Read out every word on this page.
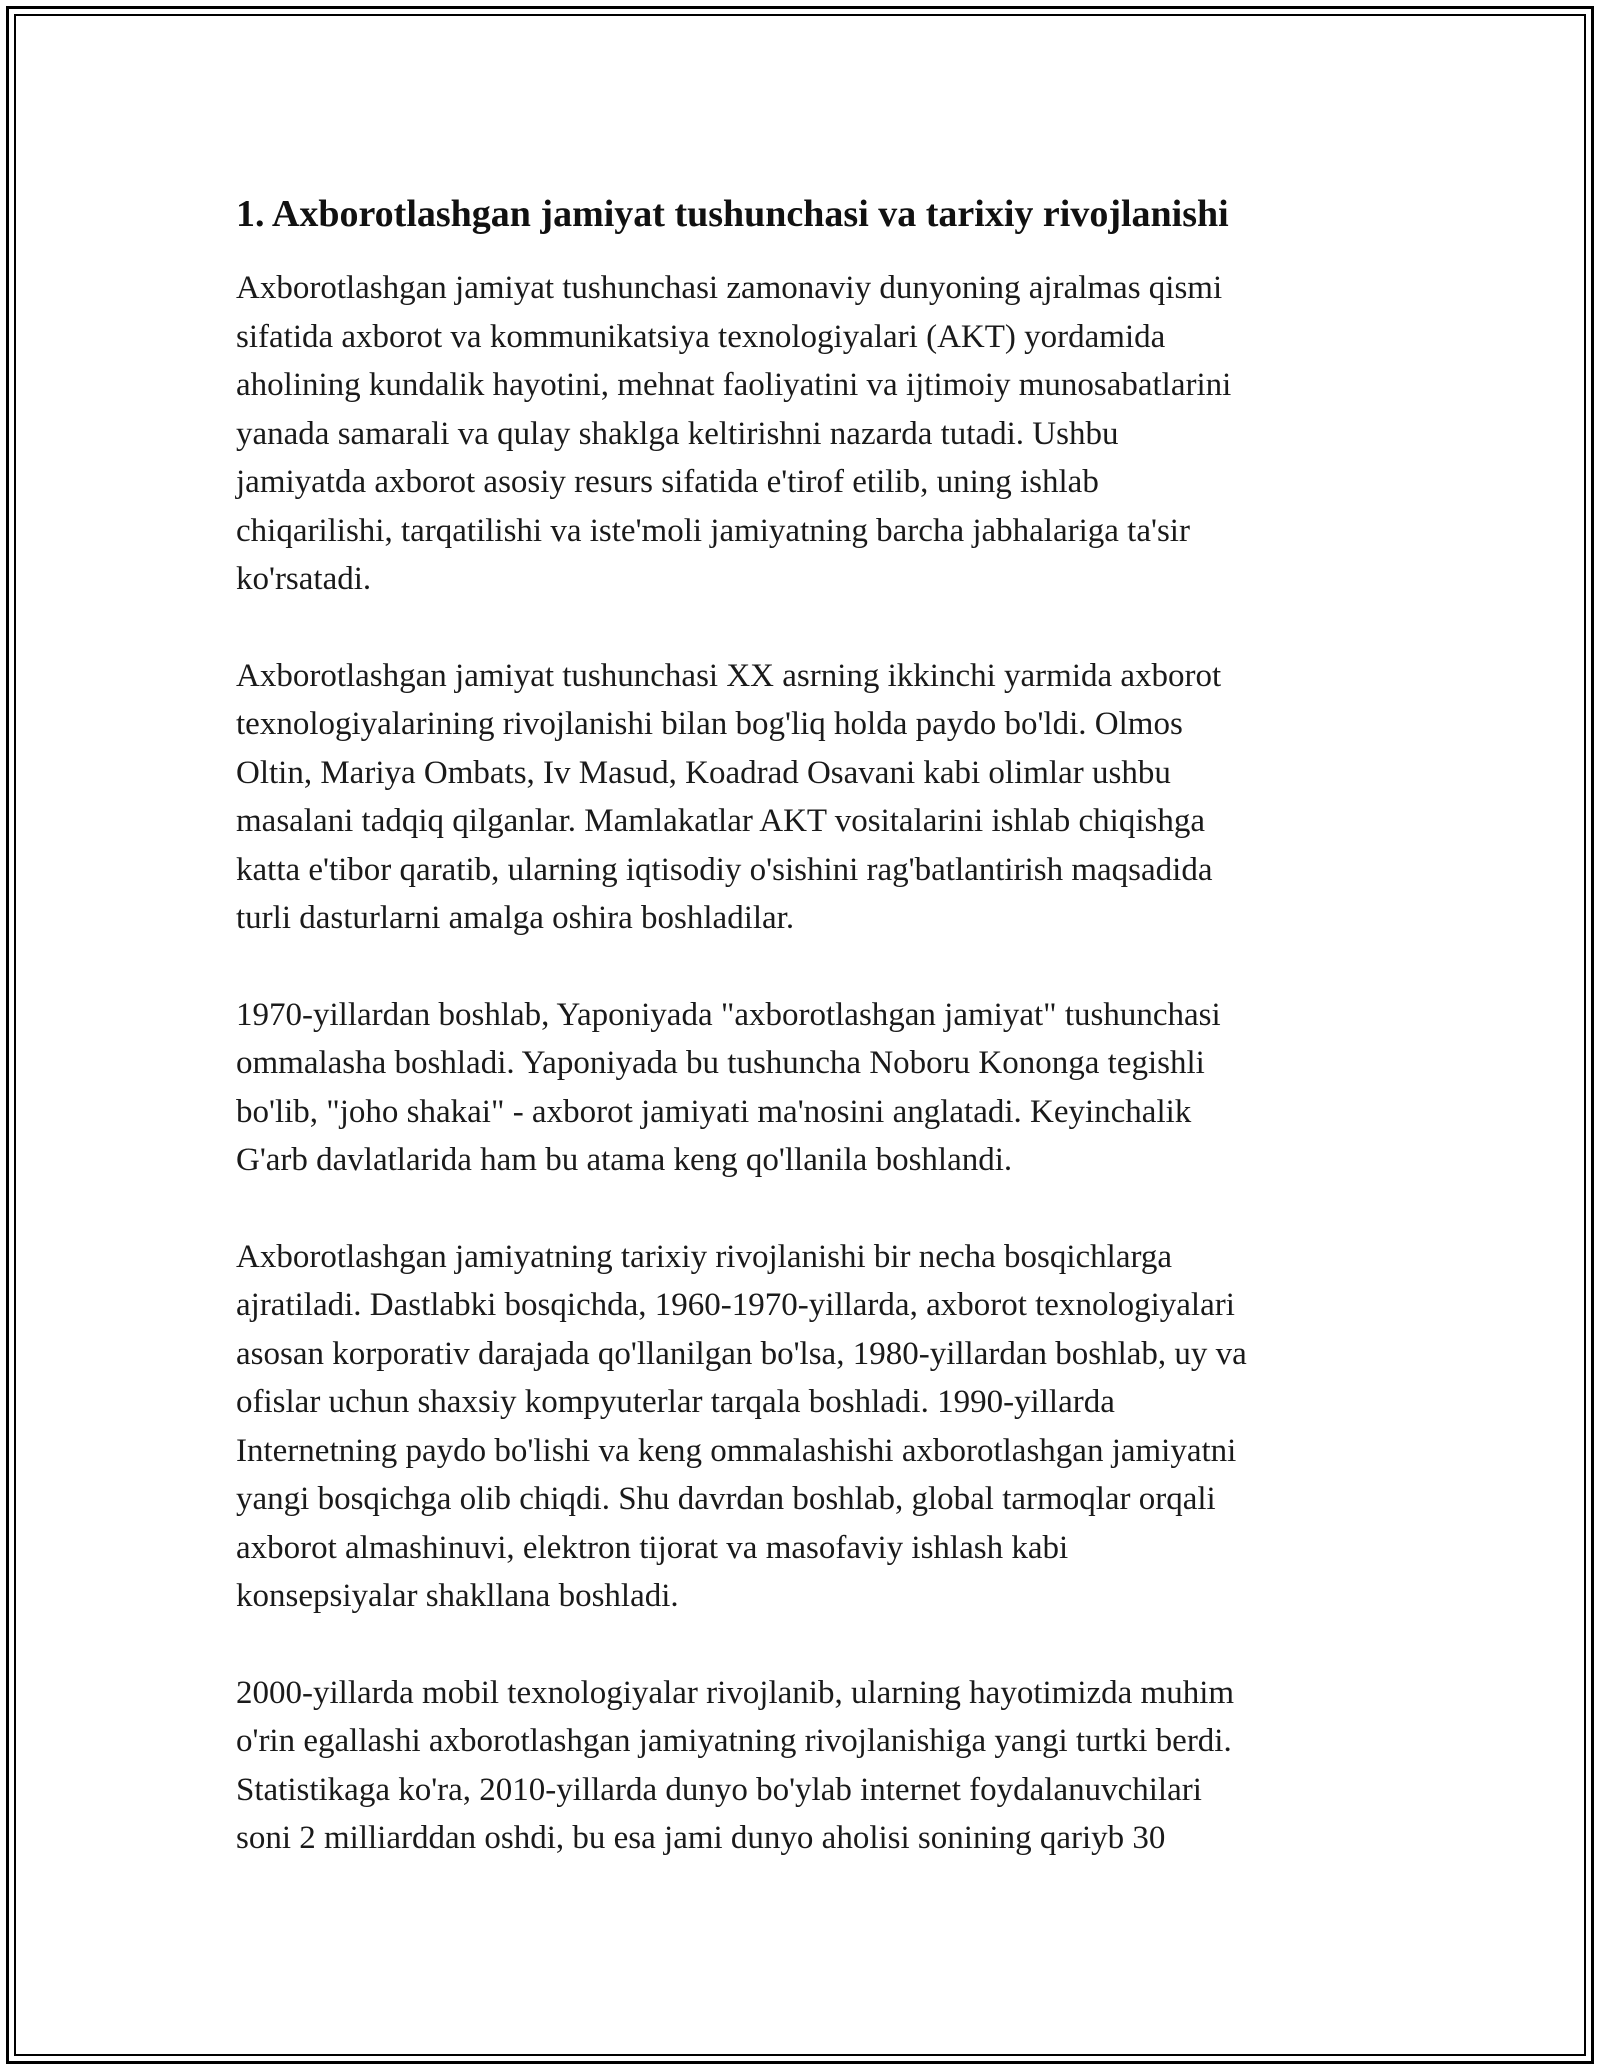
1. Axborotlashgan jamiyat tushunchasi va tarixiy rivojlanishi

Axborotlashgan jamiyat tushunchasi zamonaviy dunyoning ajralmas qismi
sifatida axborot va kommunikatsiya texnologiyalari (AKT) yordamida
aholining kundalik hayotini, mehnat faoliyatini va ijtimoiy munosabatlarini
yanada samarali va qulay shaklga keltirishni nazarda tutadi. Ushbu
jamiyatda axborot asosiy resurs sifatida e'tirof etilib, uning ishlab
chiqarilishi, tarqatilishi va iste'moli jamiyatning barcha jabhalariga ta'sir
ko'rsatadi.

Axborotlashgan jamiyat tushunchasi XX asrning ikkinchi yarmida axborot
texnologiyalarining rivojlanishi bilan bog'liq holda paydo bo'ldi. Olmos
Oltin, Mariya Ombats, Iv Masud, Koadrad Osavani kabi olimlar ushbu
masalani tadqiq qilganlar. Mamlakatlar AKT vositalarini ishlab chiqishga
katta e'tibor qaratib, ularning iqtisodiy o'sishini rag'batlantirish maqsadida
turli dasturlarni amalga oshira boshladilar.

1970-yillardan boshlab, Yaponiyada "axborotlashgan jamiyat" tushunchasi
ommalasha boshladi. Yaponiyada bu tushuncha Noboru Kononga tegishli
bo'lib, "joho shakai" - axborot jamiyati ma'nosini anglatadi. Keyinchalik
G'arb davlatlarida ham bu atama keng qo'llanila boshlandi.

Axborotlashgan jamiyatning tarixiy rivojlanishi bir necha bosqichlarga
ajratiladi. Dastlabki bosqichda, 1960-1970-yillarda, axborot texnologiyalari
asosan korporativ darajada qo'llanilgan bo'lsa, 1980-yillardan boshlab, uy va
ofislar uchun shaxsiy kompyuterlar tarqala boshladi. 1990-yillarda
Internetning paydo bo'lishi va keng ommalashishi axborotlashgan jamiyatni
yangi bosqichga olib chiqdi. Shu davrdan boshlab, global tarmoqlar orqali
axborot almashinuvi, elektron tijorat va masofaviy ishlash kabi
konsepsiyalar shakllana boshladi.

2000-yillarda mobil texnologiyalar rivojlanib, ularning hayotimizda muhim
o'rin egallashi axborotlashgan jamiyatning rivojlanishiga yangi turtki berdi.
Statistikaga ko'ra, 2010-yillarda dunyo bo'ylab internet foydalanuvchilari
soni 2 milliarddan oshdi, bu esa jami dunyo aholisi sonining qariyb 30
